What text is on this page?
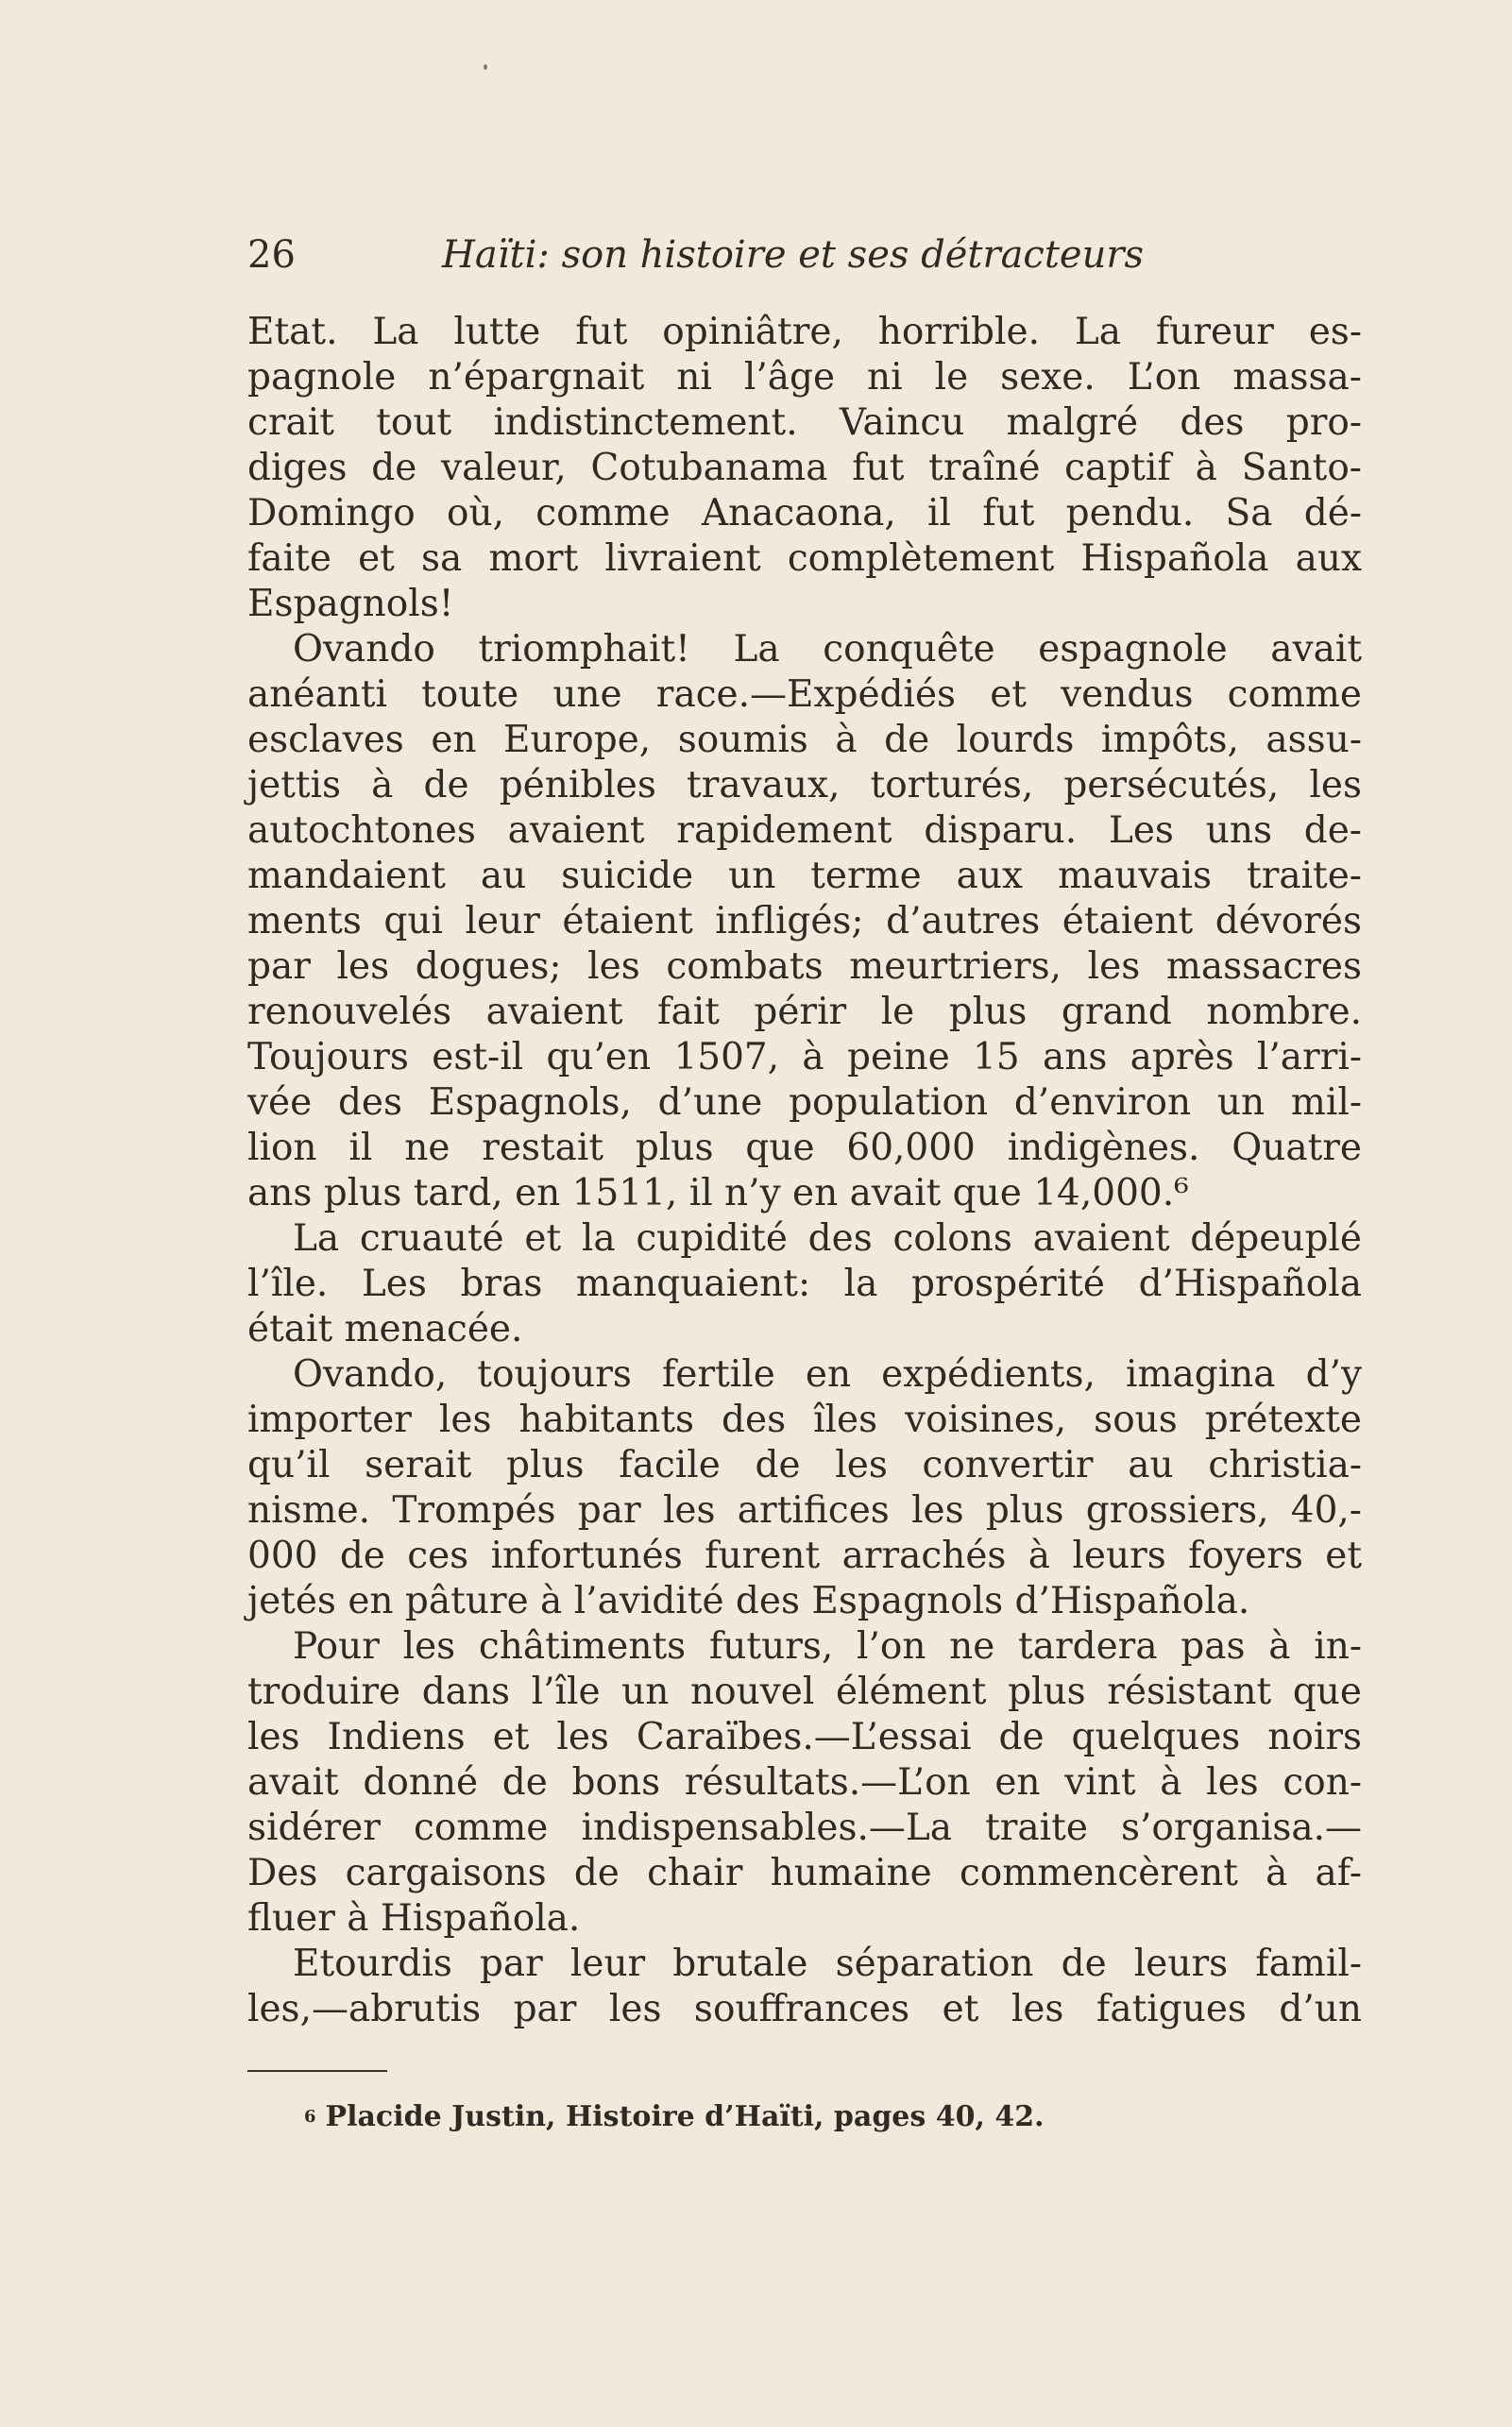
26	Haïti: son histoire et ses détracteurs
Etat. La lutte fut opiniâtre, horrible. La fureur es-
pagnole n’épargnait ni l’âge ni le sexe. L’on massa-
crait tout indistinctement. Vaincu malgré des pro-
diges de valeur, Cotubanama fut traîné captif à Santo-
Domingo où, comme Anacaona, il fut pendu. Sa dé-
faite et sa mort livraient complètement Hispañola aux
Espagnols!
Ovando triomphait! La conquête espagnole avait
anéanti toute une race.—Expédiés et vendus comme
esclaves en Europe, soumis à de lourds impôts, assu-
jettis à de pénibles travaux, torturés, persécutés, les
autochtones avaient rapidement disparu. Les uns de-
mandaient au suicide un terme aux mauvais traite-
ments qui leur étaient infligés; d’autres étaient dévorés
par les dogues; les combats meurtriers, les massacres
renouvelés avaient fait périr le plus grand nombre.
Toujours est-il qu’en 1507, à peine 15 ans après l’arri-
vée des Espagnols, d’une population d’environ un mil-
lion il ne restait plus que 60,000 indigènes. Quatre
ans plus tard, en 1511, il n’y en avait que 14,000.⁶
La cruauté et la cupidité des colons avaient dépeuplé
l’île. Les bras manquaient: la prospérité d’Hispañola
était menacée.
Ovando, toujours fertile en expédients, imagina d’y
importer les habitants des îles voisines, sous prétexte
qu’il serait plus facile de les convertir au christia-
nisme. Trompés par les artifices les plus grossiers, 40,-
000 de ces infortunés furent arrachés à leurs foyers et
jetés en pâture à l’avidité des Espagnols d’Hispañola.
Pour les châtiments futurs, l’on ne tardera pas à in-
troduire dans l’île un nouvel élément plus résistant que
les Indiens et les Caraïbes.—L’essai de quelques noirs
avait donné de bons résultats.—L’on en vint à les con-
sidérer comme indispensables.—La traite s’organisa.—
Des cargaisons de chair humaine commencèrent à af-
fluer à Hispañola.
Etourdis par leur brutale séparation de leurs famil-
les,—abrutis par les souffrances et les fatigues d’un
$^6$ Placide Justin, Histoire d’Haïti, pages 40, 42.
